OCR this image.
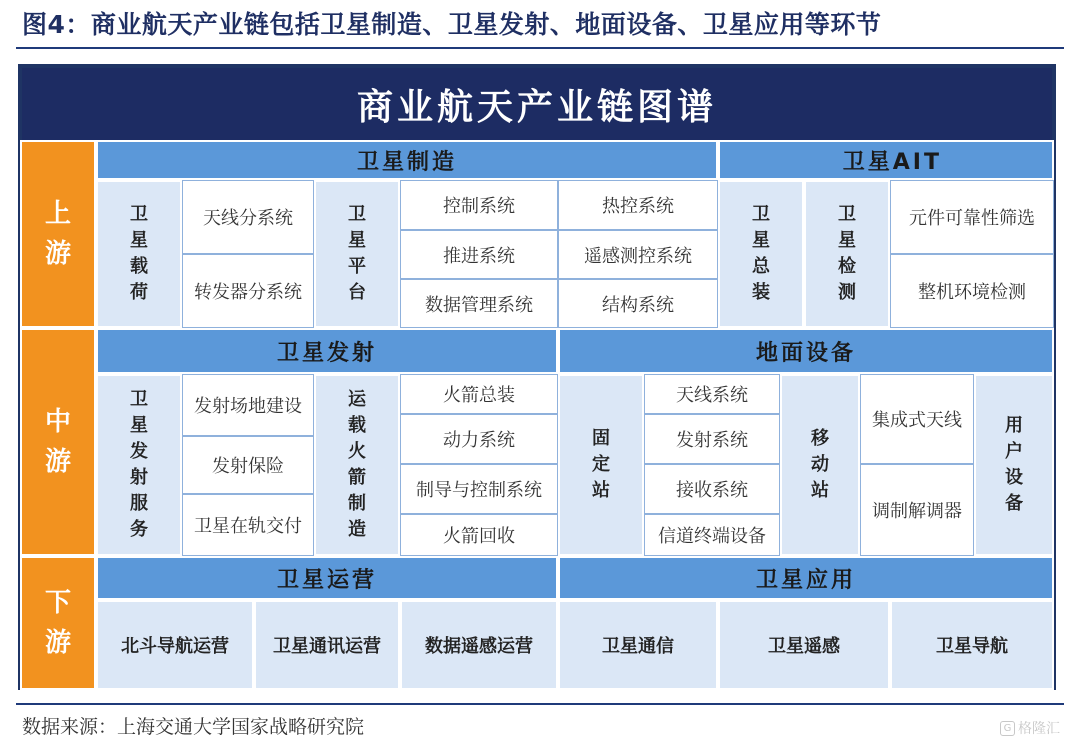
图4：商业航天产业链包括卫星制造、卫星发射、地面设备、卫星应用等环节
商业航天产业链图谱
上游
中游
下游
卫星制造	卫星AIT
卫星载荷
天线分系统
转发器分系统
卫星平台
控制系统
推进系统
数据管理系统
热控系统
遥感测控系统
结构系统
卫星总装
卫星检测
元件可靠性筛选
整机环境检测
卫星发射	地面设备
卫星发射服务
发射场地建设
发射保险
卫星在轨交付
运载火箭制造
火箭总装
动力系统
制导与控制系统
火箭回收
固定站
天线系统
发射系统
接收系统
信道终端设备
移动站
集成式天线
调制解调器
用户设备
卫星运营	卫星应用
北斗导航运营	卫星通讯运营	数据遥感运营	卫星通信	卫星遥感	卫星导航
数据来源：上海交通大学国家战略研究院	G 格隆汇
